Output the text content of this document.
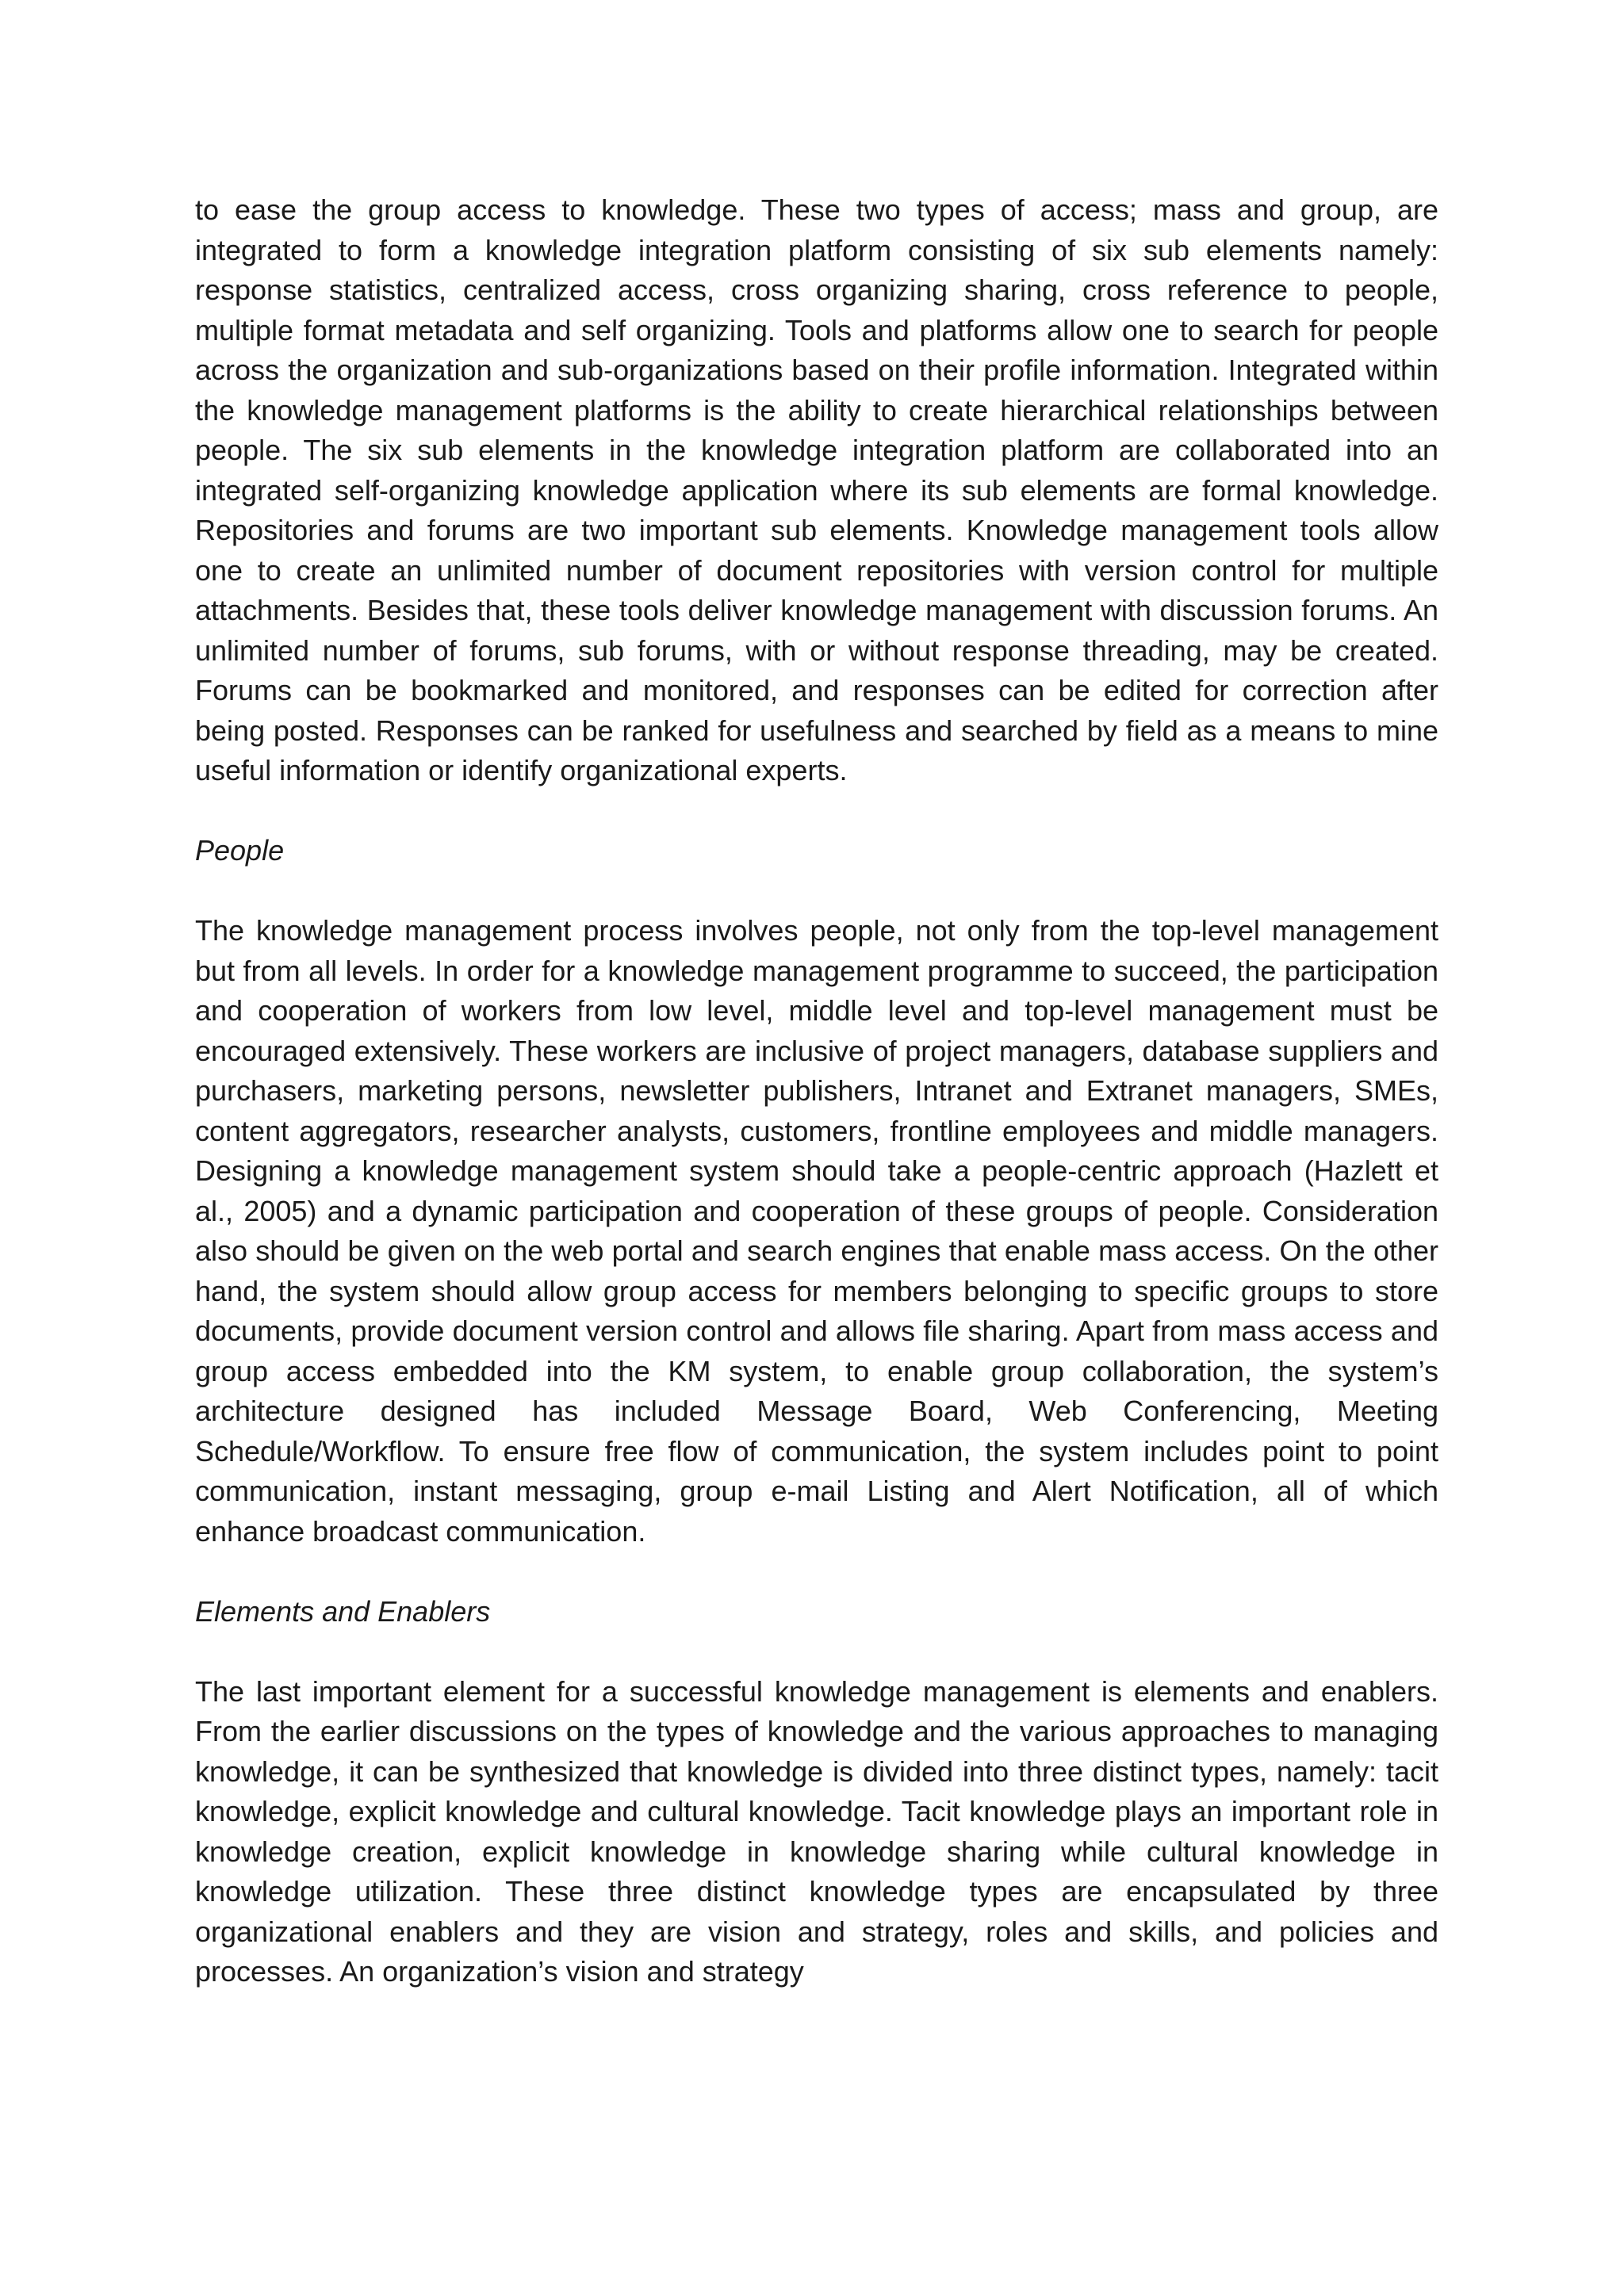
to ease the group access to knowledge. These two types of access; mass and group, are integrated to form a knowledge integration platform consisting of six sub elements namely: response statistics, centralized access, cross organizing sharing, cross reference to people, multiple format metadata and self organizing. Tools and platforms allow one to search for people across the organization and sub-organizations based on their profile information. Integrated within the knowledge management platforms is the ability to create hierarchical relationships between people. The six sub elements in the knowledge integration platform are collaborated into an integrated self-organizing knowledge application where its sub elements are formal knowledge. Repositories and forums are two important sub elements. Knowledge management tools allow one to create an unlimited number of document repositories with version control for multiple attachments. Besides that, these tools deliver knowledge management with discussion forums. An unlimited number of forums, sub forums, with or without response threading, may be created. Forums can be bookmarked and monitored, and responses can be edited for correction after being posted. Responses can be ranked for usefulness and searched by field as a means to mine useful information or identify organizational experts.

People

The knowledge management process involves people, not only from the top-level management but from all levels. In order for a knowledge management programme to succeed, the participation and cooperation of workers from low level, middle level and top-level management must be encouraged extensively. These workers are inclusive of project managers, database suppliers and purchasers, marketing persons, newsletter publishers, Intranet and Extranet managers, SMEs, content aggregators, researcher analysts, customers, frontline employees and middle managers. Designing a knowledge management system should take a people-centric approach (Hazlett et al., 2005) and a dynamic participation and cooperation of these groups of people. Consideration also should be given on the web portal and search engines that enable mass access. On the other hand, the system should allow group access for members belonging to specific groups to store documents, provide document version control and allows file sharing. Apart from mass access and group access embedded into the KM system, to enable group collaboration, the system’s architecture designed has included Message Board, Web Conferencing, Meeting Schedule/Workflow. To ensure free flow of communication, the system includes point to point communication, instant messaging, group e-mail Listing and Alert Notification, all of which enhance broadcast communication.

Elements and Enablers

The last important element for a successful knowledge management is elements and enablers. From the earlier discussions on the types of knowledge and the various approaches to managing knowledge, it can be synthesized that knowledge is divided into three distinct types, namely: tacit knowledge, explicit knowledge and cultural knowledge. Tacit knowledge plays an important role in knowledge creation, explicit knowledge in knowledge sharing while cultural knowledge in knowledge utilization. These three distinct knowledge types are encapsulated by three organizational enablers and they are vision and strategy, roles and skills, and policies and processes. An organization’s vision and strategy
